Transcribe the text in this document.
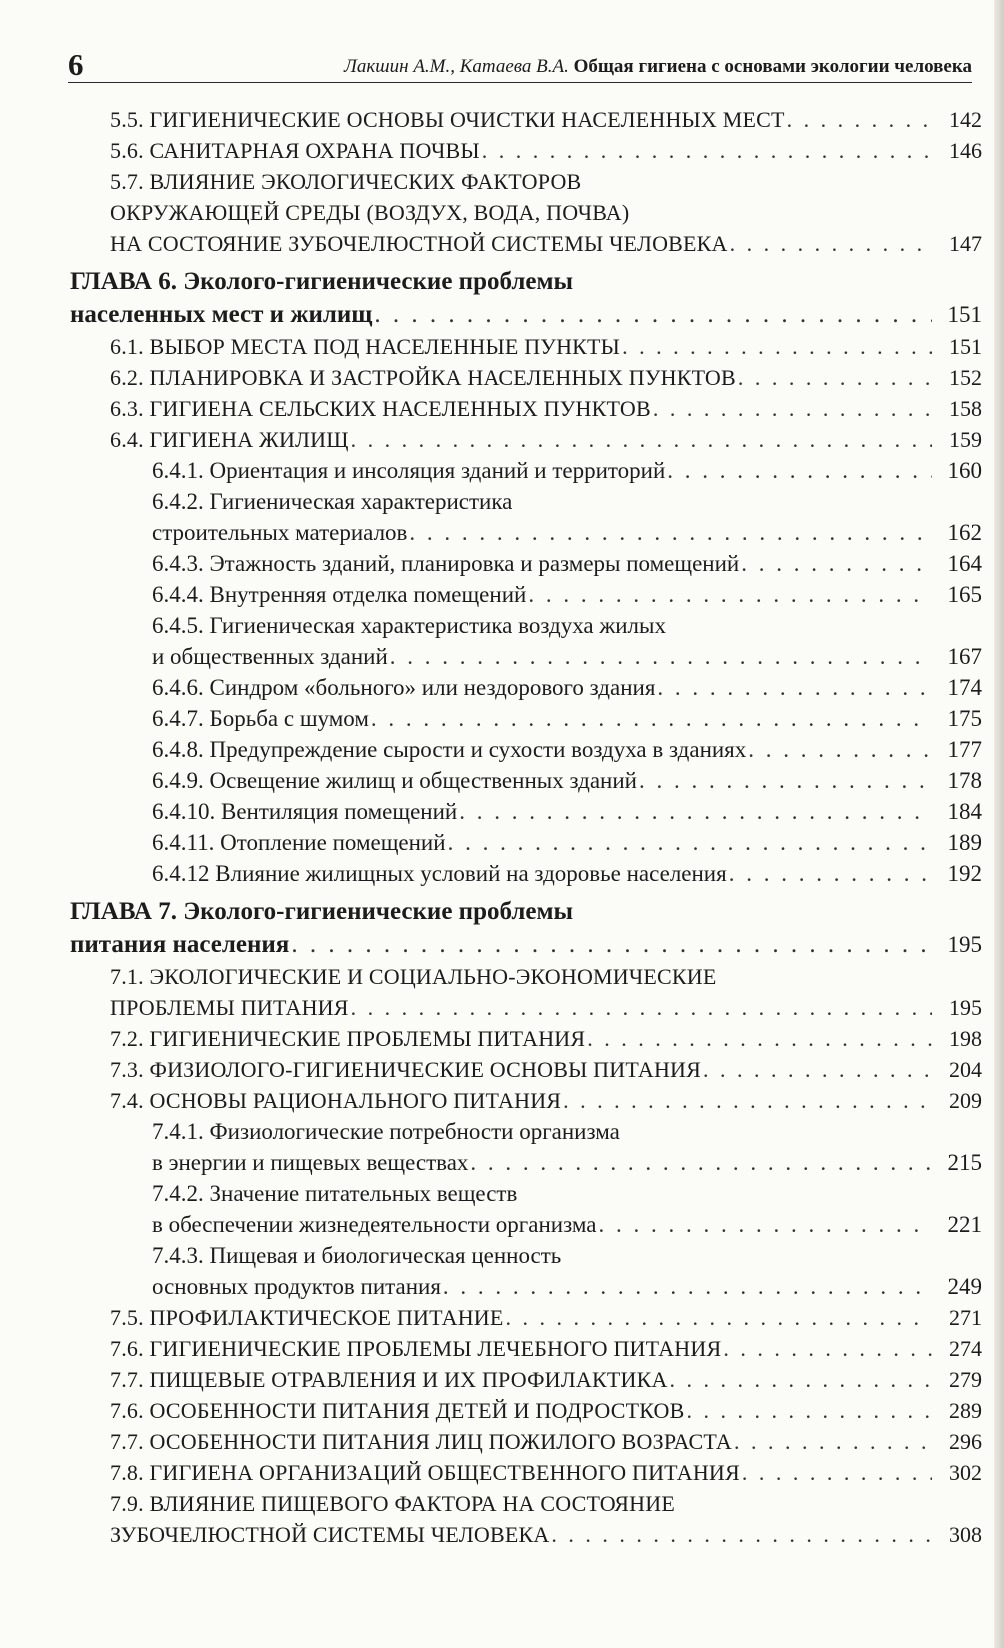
6	Лакшин А.М., Катаева В.А. Общая гигиена с основами экологии человека
5.5. ГИГИЕНИЧЕСКИЕ ОСНОВЫ ОЧИСТКИ НАСЕЛЕННЫХ МЕСТ . . .	142
5.6. САНИТАРНАЯ ОХРАНА ПОЧВЫ . . .	146
5.7. ВЛИЯНИЕ ЭКОЛОГИЧЕСКИХ ФАКТОРОВ
ОКРУЖАЮЩЕЙ СРЕДЫ (ВОЗДУХ, ВОДА, ПОЧВА)
НА СОСТОЯНИЕ ЗУБОЧЕЛЮСТНОЙ СИСТЕМЫ ЧЕЛОВЕКА . . .	147
ГЛАВА 6. Эколого-гигиенические проблемы
населенных мест и жилищ . . .	151
6.1. ВЫБОР МЕСТА ПОД НАСЕЛЕННЫЕ ПУНКТЫ . . .	151
6.2. ПЛАНИРОВКА И ЗАСТРОЙКА НАСЕЛЕННЫХ ПУНКТОВ . . .	152
6.3. ГИГИЕНА СЕЛЬСКИХ НАСЕЛЕННЫХ ПУНКТОВ . . .	158
6.4. ГИГИЕНА ЖИЛИЩ . . .	159
6.4.1. Ориентация и инсоляция зданий и территорий . . .	160
6.4.2. Гигиеническая характеристика
строительных материалов . . .	162
6.4.3. Этажность зданий, планировка и размеры помещений . . .	164
6.4.4. Внутренняя отделка помещений . . .	165
6.4.5. Гигиеническая характеристика воздуха жилых
и общественных зданий . . .	167
6.4.6. Синдром «больного» или нездорового здания . . .	174
6.4.7. Борьба с шумом . . .	175
6.4.8. Предупреждение сырости и сухости воздуха в зданиях . . .	177
6.4.9. Освещение жилищ и общественных зданий . . .	178
6.4.10. Вентиляция помещений . . .	184
6.4.11. Отопление помещений . . .	189
6.4.12 Влияние жилищных условий на здоровье населения . . .	192
ГЛАВА 7. Эколого-гигиенические проблемы
питания населения . . .	195
7.1. ЭКОЛОГИЧЕСКИЕ И СОЦИАЛЬНО-ЭКОНОМИЧЕСКИЕ
ПРОБЛЕМЫ ПИТАНИЯ . . .	195
7.2. ГИГИЕНИЧЕСКИЕ ПРОБЛЕМЫ ПИТАНИЯ . . .	198
7.3. ФИЗИОЛОГО-ГИГИЕНИЧЕСКИЕ ОСНОВЫ ПИТАНИЯ . . .	204
7.4. ОСНОВЫ РАЦИОНАЛЬНОГО ПИТАНИЯ . . .	209
7.4.1. Физиологические потребности организма
в энергии и пищевых веществах . . .	215
7.4.2. Значение питательных веществ
в обеспечении жизнедеятельности организма . . .	221
7.4.3. Пищевая и биологическая ценность
основных продуктов питания . . .	249
7.5. ПРОФИЛАКТИЧЕСКОЕ ПИТАНИЕ . . .	271
7.6. ГИГИЕНИЧЕСКИЕ ПРОБЛЕМЫ ЛЕЧЕБНОГО ПИТАНИЯ . . .	274
7.7. ПИЩЕВЫЕ ОТРАВЛЕНИЯ И ИХ ПРОФИЛАКТИКА . . .	279
7.6. ОСОБЕННОСТИ ПИТАНИЯ ДЕТЕЙ И ПОДРОСТКОВ . . .	289
7.7. ОСОБЕННОСТИ ПИТАНИЯ ЛИЦ ПОЖИЛОГО ВОЗРАСТА . . .	296
7.8. ГИГИЕНА ОРГАНИЗАЦИЙ ОБЩЕСТВЕННОГО ПИТАНИЯ . . .	302
7.9. ВЛИЯНИЕ ПИЩЕВОГО ФАКТОРА НА СОСТОЯНИЕ
ЗУБОЧЕЛЮСТНОЙ СИСТЕМЫ ЧЕЛОВЕКА . . .	308
